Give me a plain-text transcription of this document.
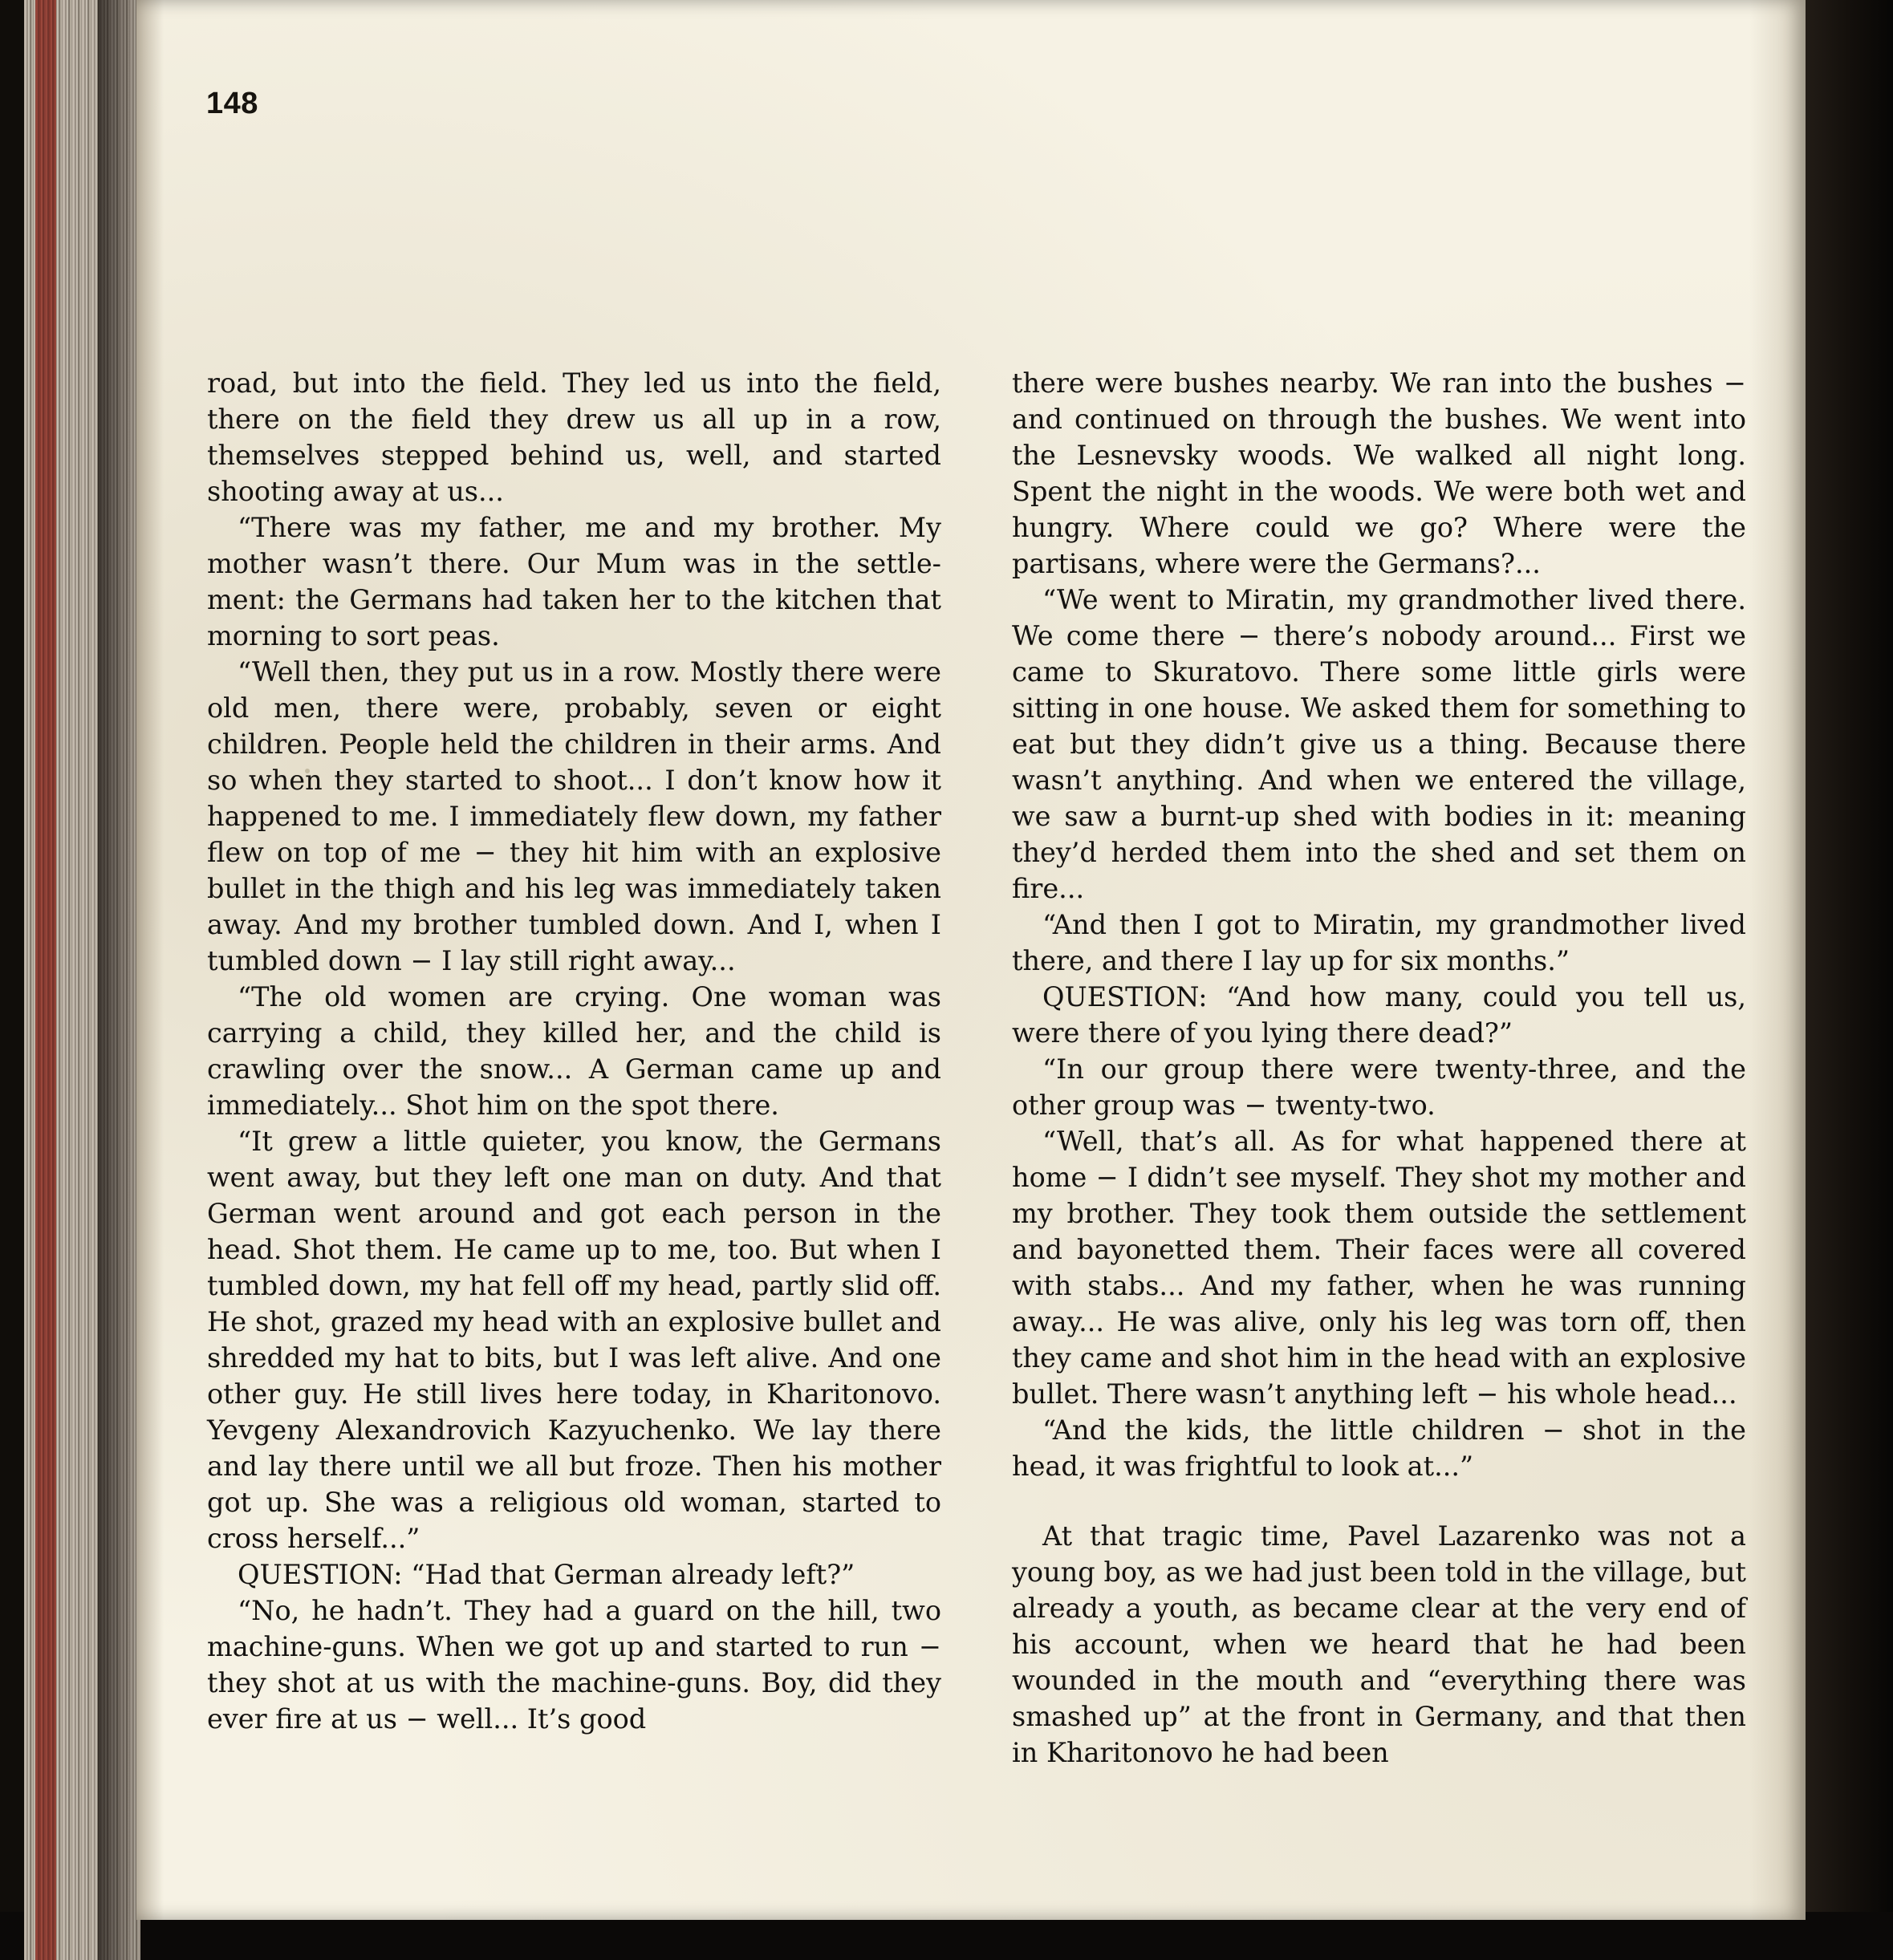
148

road, but into the field. They led us into the field, there on the field they drew us all up in a row, themselves stepped behind us, well, and started shooting away at us...

“There was my father, me and my brother. My mother wasn’t there. Our Mum was in the settlement: the Germans had taken her to the kitchen that morning to sort peas.

“Well then, they put us in a row. Mostly there were old men, there were, probably, seven or eight children. People held the children in their arms. And so when they started to shoot... I don’t know how it happened to me. I immediately flew down, my father flew on top of me − they hit him with an explosive bullet in the thigh and his leg was immediately taken away. And my brother tumbled down. And I, when I tumbled down − I lay still right away...

“The old women are crying. One woman was carrying a child, they killed her, and the child is crawling over the snow... A German came up and immediately... Shot him on the spot there.

“It grew a little quieter, you know, the Germans went away, but they left one man on duty. And that German went around and got each person in the head. Shot them. He came up to me, too. But when I tumbled down, my hat fell off my head, partly slid off. He shot, grazed my head with an explosive bullet and shredded my hat to bits, but I was left alive. And one other guy. He still lives here today, in Kharitonovo. Yevgeny Alexandrovich Kazyuchenko. We lay there and lay there until we all but froze. Then his mother got up. She was a religious old woman, started to cross herself...”

QUESTION: “Had that German already left?”

“No, he hadn’t. They had a guard on the hill, two machine-guns. When we got up and started to run − they shot at us with the machine-guns. Boy, did they ever fire at us − well... It’s good

there were bushes nearby. We ran into the bushes − and continued on through the bushes. We went into the Lesnevsky woods. We walked all night long. Spent the night in the woods. We were both wet and hungry. Where could we go? Where were the partisans, where were the Germans?...

“We went to Miratin, my grandmother lived there. We come there − there’s nobody around... First we came to Skuratovo. There some little girls were sitting in one house. We asked them for something to eat but they didn’t give us a thing. Because there wasn’t anything. And when we entered the village, we saw a burnt-up shed with bodies in it: meaning they’d herded them into the shed and set them on fire...

“And then I got to Miratin, my grandmother lived there, and there I lay up for six months.”

QUESTION: “And how many, could you tell us, were there of you lying there dead?”

“In our group there were twenty-three, and the other group was − twenty-two.

“Well, that’s all. As for what happened there at home − I didn’t see myself. They shot my mother and my brother. They took them outside the settlement and bayonetted them. Their faces were all covered with stabs... And my father, when he was running away... He was alive, only his leg was torn off, then they came and shot him in the head with an explosive bullet. There wasn’t anything left − his whole head...

“And the kids, the little children − shot in the head, it was frightful to look at...”

At that tragic time, Pavel Lazarenko was not a young boy, as we had just been told in the village, but already a youth, as became clear at the very end of his account, when we heard that he had been wounded in the mouth and “everything there was smashed up” at the front in Germany, and that then in Kharitonovo he had been
